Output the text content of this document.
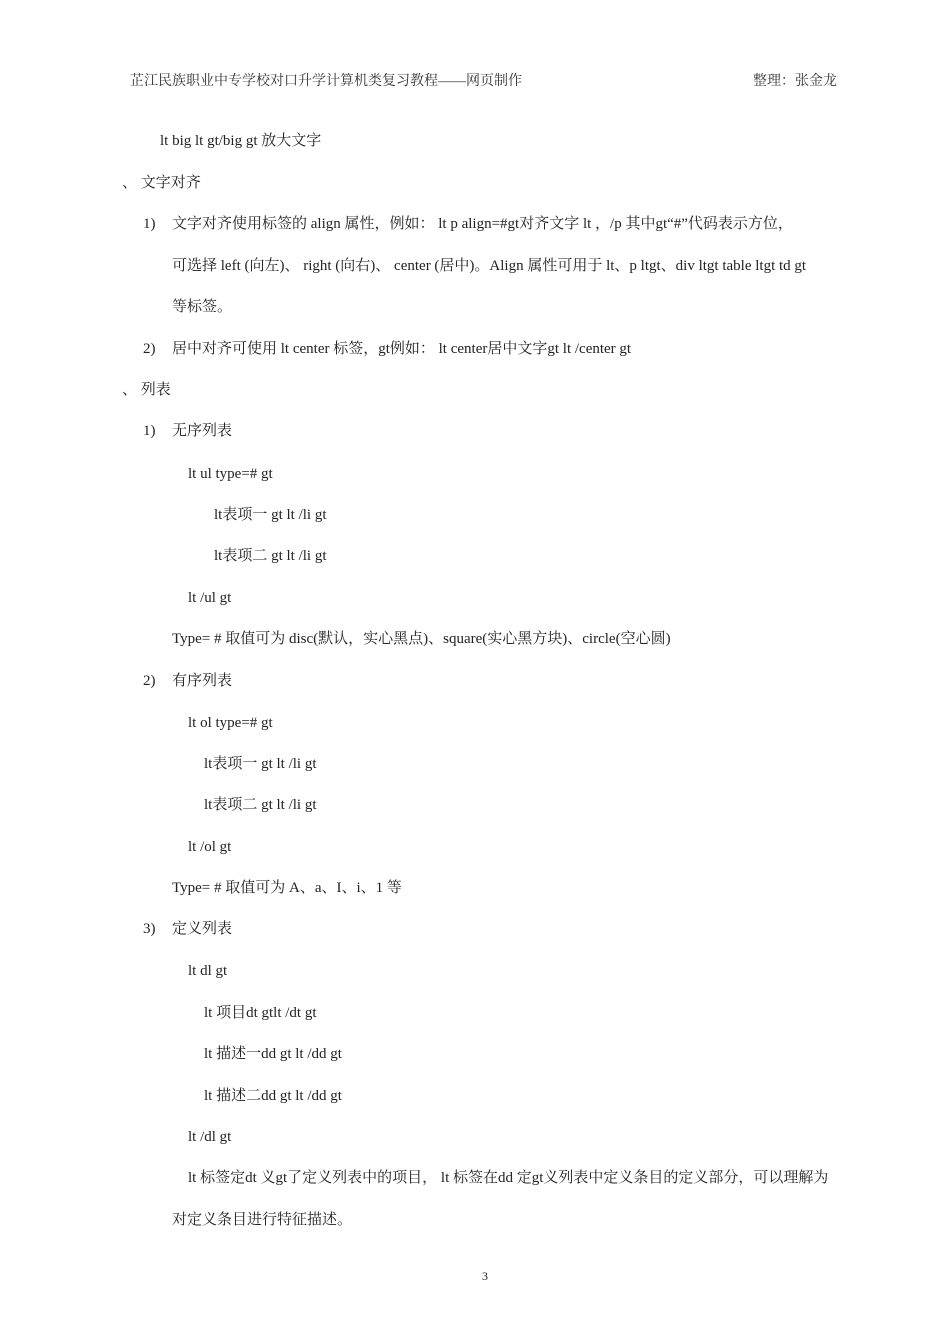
芷江民族职业中专学校对口升学计算机类复习教程——网页制作	整理：张金龙
lt big lt gt/big gt 放大文字
、 文字对齐
1) 文字对齐使用标签的 align 属性，例如： lt p align=#gt对齐文字 lt ，/p 其中gt“#”代码表示方位，
可选择 left (向左)、 right (向右)、 center (居中)。Align 属性可用于 lt、p ltgt、div ltgt table ltgt td gt
等标签。
2) 居中对齐可使用 lt center 标签，gt例如： lt center居中文字gt lt /center gt
、 列表
1) 无序列表
lt ul type=# gt
lt表项一 gt lt /li gt
lt表项二 gt lt /li gt
lt /ul gt
Type= # 取值可为 disc(默认，实心黑点)、square(实心黑方块)、circle(空心圆)
2) 有序列表
lt ol type=# gt
lt表项一 gt lt /li gt
lt表项二 gt lt /li gt
lt /ol gt
Type= # 取值可为 A、a、I、i、1 等
3) 定义列表
lt dl gt
lt 项目dt gtlt /dt gt
lt 描述一dd gt lt /dd gt
lt 描述二dd gt lt /dd gt
lt /dl gt
lt 标签定dt 义gt了定义列表中的项目， lt 标签在dd 定gt义列表中定义条目的定义部分，可以理解为
对定义条目进行特征描述。
3
